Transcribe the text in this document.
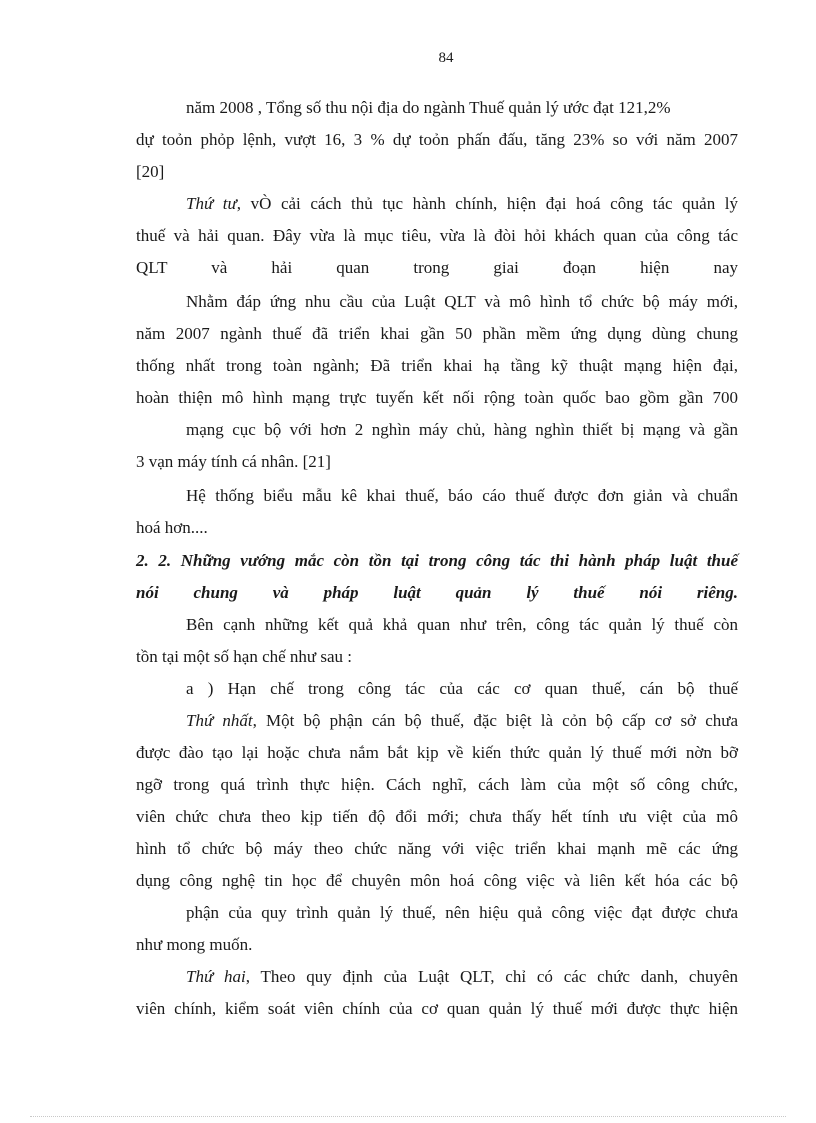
84
năm 2008 , Tổng số thu nội địa do ngành Thuế quản lý ước đạt 121,2%
dự toỏn phỏp lệnh, vượt 16, 3 % dự toỏn phấn đấu, tăng 23% so với năm 2007
[20]
Thứ tư, vÒ cải cách thủ tục hành chính, hiện đại hoá công tác quản lý
thuế và hải quan. Đây vừa là mục tiêu, vừa là đòi hỏi khách quan của công tác
QLT và hải quan trong giai đoạn hiện nay
Nhằm đáp ứng nhu cầu của Luật QLT và mô hình tổ chức bộ máy mới,
năm 2007 ngành thuế đã triển khai gần 50 phần mềm ứng dụng dùng chung
thống nhất trong toàn ngành; Đã triển khai hạ tầng kỹ thuật mạng hiện đại,
hoàn thiện mô hình mạng trực tuyến kết nối rộng toàn quốc bao gồm gần 700
mạng cục bộ với hơn 2 nghìn máy chủ, hàng nghìn thiết bị mạng và gần
3 vạn máy tính cá nhân. [21]
Hệ thống biểu mẫu kê khai thuế, báo cáo thuế được đơn giản và chuẩn
hoá hơn....
2. 2. Những vướng mắc còn tồn tại trong công tác thi hành pháp luật thuế
nói chung và pháp luật quản lý thuế nói riêng.
Bên cạnh những kết quả khả quan như trên, công tác quản lý thuế còn
tồn tại một số hạn chế như sau :
a ) Hạn chế trong công tác của các cơ quan thuế, cán bộ thuế
Thứ nhất, Một bộ phận cán bộ thuế, đặc biệt là cỏn bộ cấp cơ sở chưa
được đào tạo lại hoặc chưa nắm bắt kịp về kiến thức quản lý thuế mới nờn bỡ
ngỡ trong quá trình thực hiện. Cách nghĩ, cách làm của một số công chức,
viên chức chưa theo kịp tiến độ đổi mới; chưa thấy hết tính ưu việt của mô
hình tổ chức bộ máy theo chức năng với việc triển khai mạnh mẽ các ứng
dụng công nghệ tin học để chuyên môn hoá công việc và liên kết hóa các bộ
phận của quy trình quản lý thuế, nên hiệu quả công việc đạt được chưa
như mong muốn.
Thứ hai, Theo quy định của Luật QLT, chỉ có các chức danh, chuyên
viên chính, kiểm soát viên chính của cơ quan quản lý thuế mới được thực hiện
